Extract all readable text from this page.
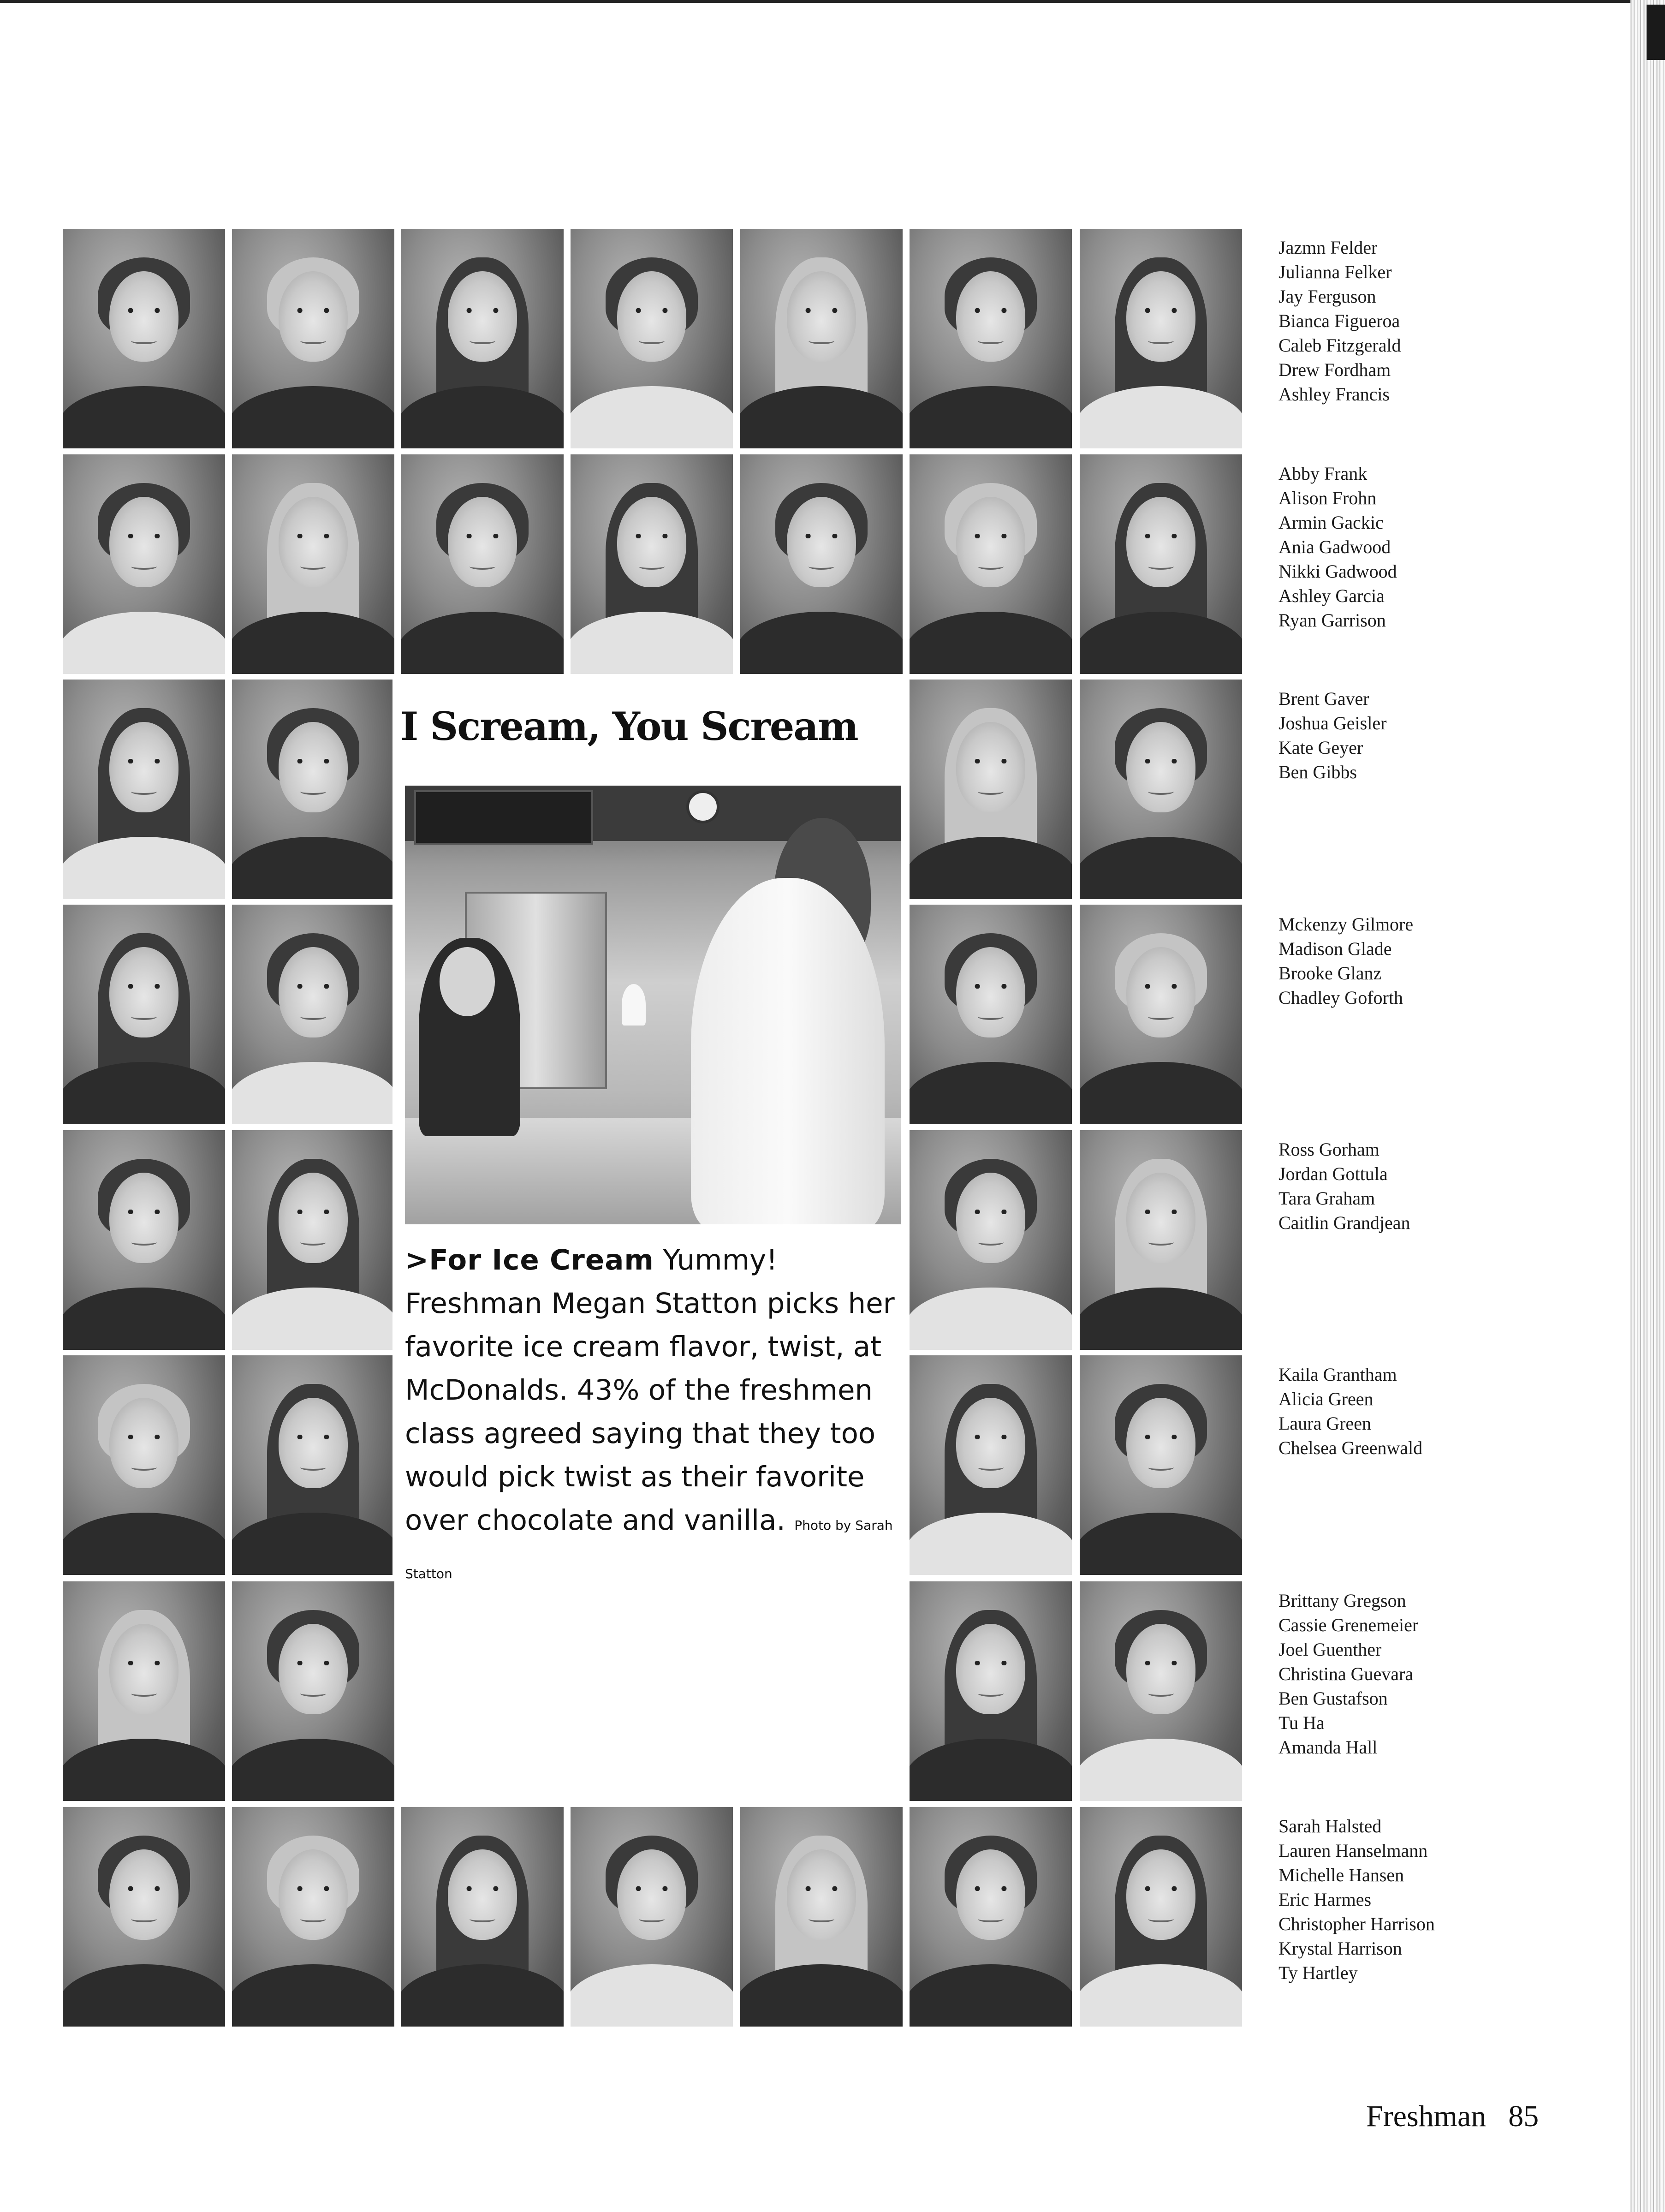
I Scream, You Scream
>For Ice Cream Yummy! Freshman Megan Statton picks her favorite ice cream flavor, twist, at McDonalds. 43% of the freshmen class agreed saying that they too would pick twist as their favorite over chocolate and vanilla. Photo by Sarah Statton
Jazmn Felder
Julianna Felker
Jay Ferguson
Bianca Figueroa
Caleb Fitzgerald
Drew Fordham
Ashley Francis
Abby Frank
Alison Frohn
Armin Gackic
Ania Gadwood
Nikki Gadwood
Ashley Garcia
Ryan Garrison
Brent Gaver
Joshua Geisler
Kate Geyer
Ben Gibbs
Mckenzy Gilmore
Madison Glade
Brooke Glanz
Chadley Goforth
Ross Gorham
Jordan Gottula
Tara Graham
Caitlin Grandjean
Kaila Grantham
Alicia Green
Laura Green
Chelsea Greenwald
Brittany Gregson
Cassie Grenemeier
Joel Guenther
Christina Guevara
Ben Gustafson
Tu Ha
Amanda Hall
Sarah Halsted
Lauren Hanselmann
Michelle Hansen
Eric Harmes
Christopher Harrison
Krystal Harrison
Ty Hartley
Freshman 85
